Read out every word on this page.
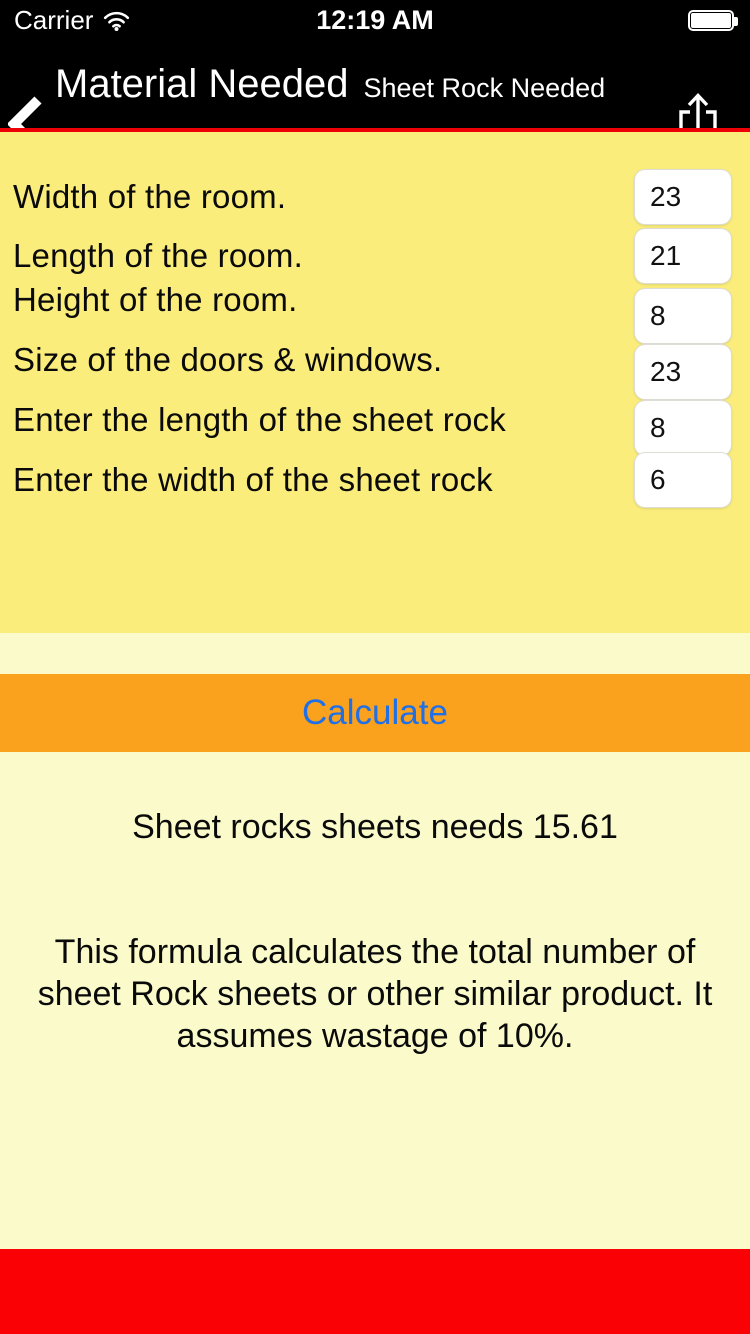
Carrier	12:19 AM
Material Needed Sheet Rock Needed
Width of the room.
23
Length of the room.
21
Height of the room.
8
Size of the doors & windows.
23
Enter the length of the sheet rock
8
Enter the width of the sheet rock
6
Calculate
Sheet rocks sheets needs 15.61
This formula calculates the total number of sheet Rock sheets or other similar product. It assumes wastage of 10%.
